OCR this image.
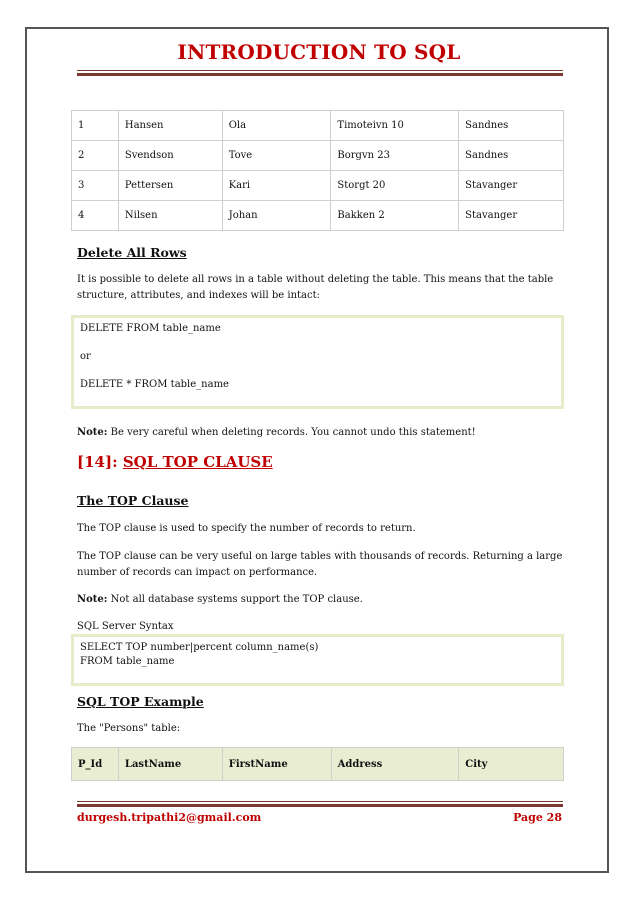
INTRODUCTION TO SQL
1	Hansen	Ola	Timoteivn 10	Sandnes
2	Svendson	Tove	Borgvn 23	Sandnes
3	Pettersen	Kari	Storgt 20	Stavanger
4	Nilsen	Johan	Bakken 2	Stavanger
Delete All Rows
It is possible to delete all rows in a table without deleting the table. This means that the table structure, attributes, and indexes will be intact:
DELETE FROM table_name
or
DELETE * FROM table_name
Note: Be very careful when deleting records. You cannot undo this statement!
[14]: SQL TOP CLAUSE
The TOP Clause
The TOP clause is used to specify the number of records to return.
The TOP clause can be very useful on large tables with thousands of records. Returning a large number of records can impact on performance.
Note: Not all database systems support the TOP clause.
SQL Server Syntax
SELECT TOP number|percent column_name(s)
FROM table_name
SQL TOP Example
The "Persons" table:
P_Id	LastName	FirstName	Address	City
durgesh.tripathi2@gmail.com	Page 28
